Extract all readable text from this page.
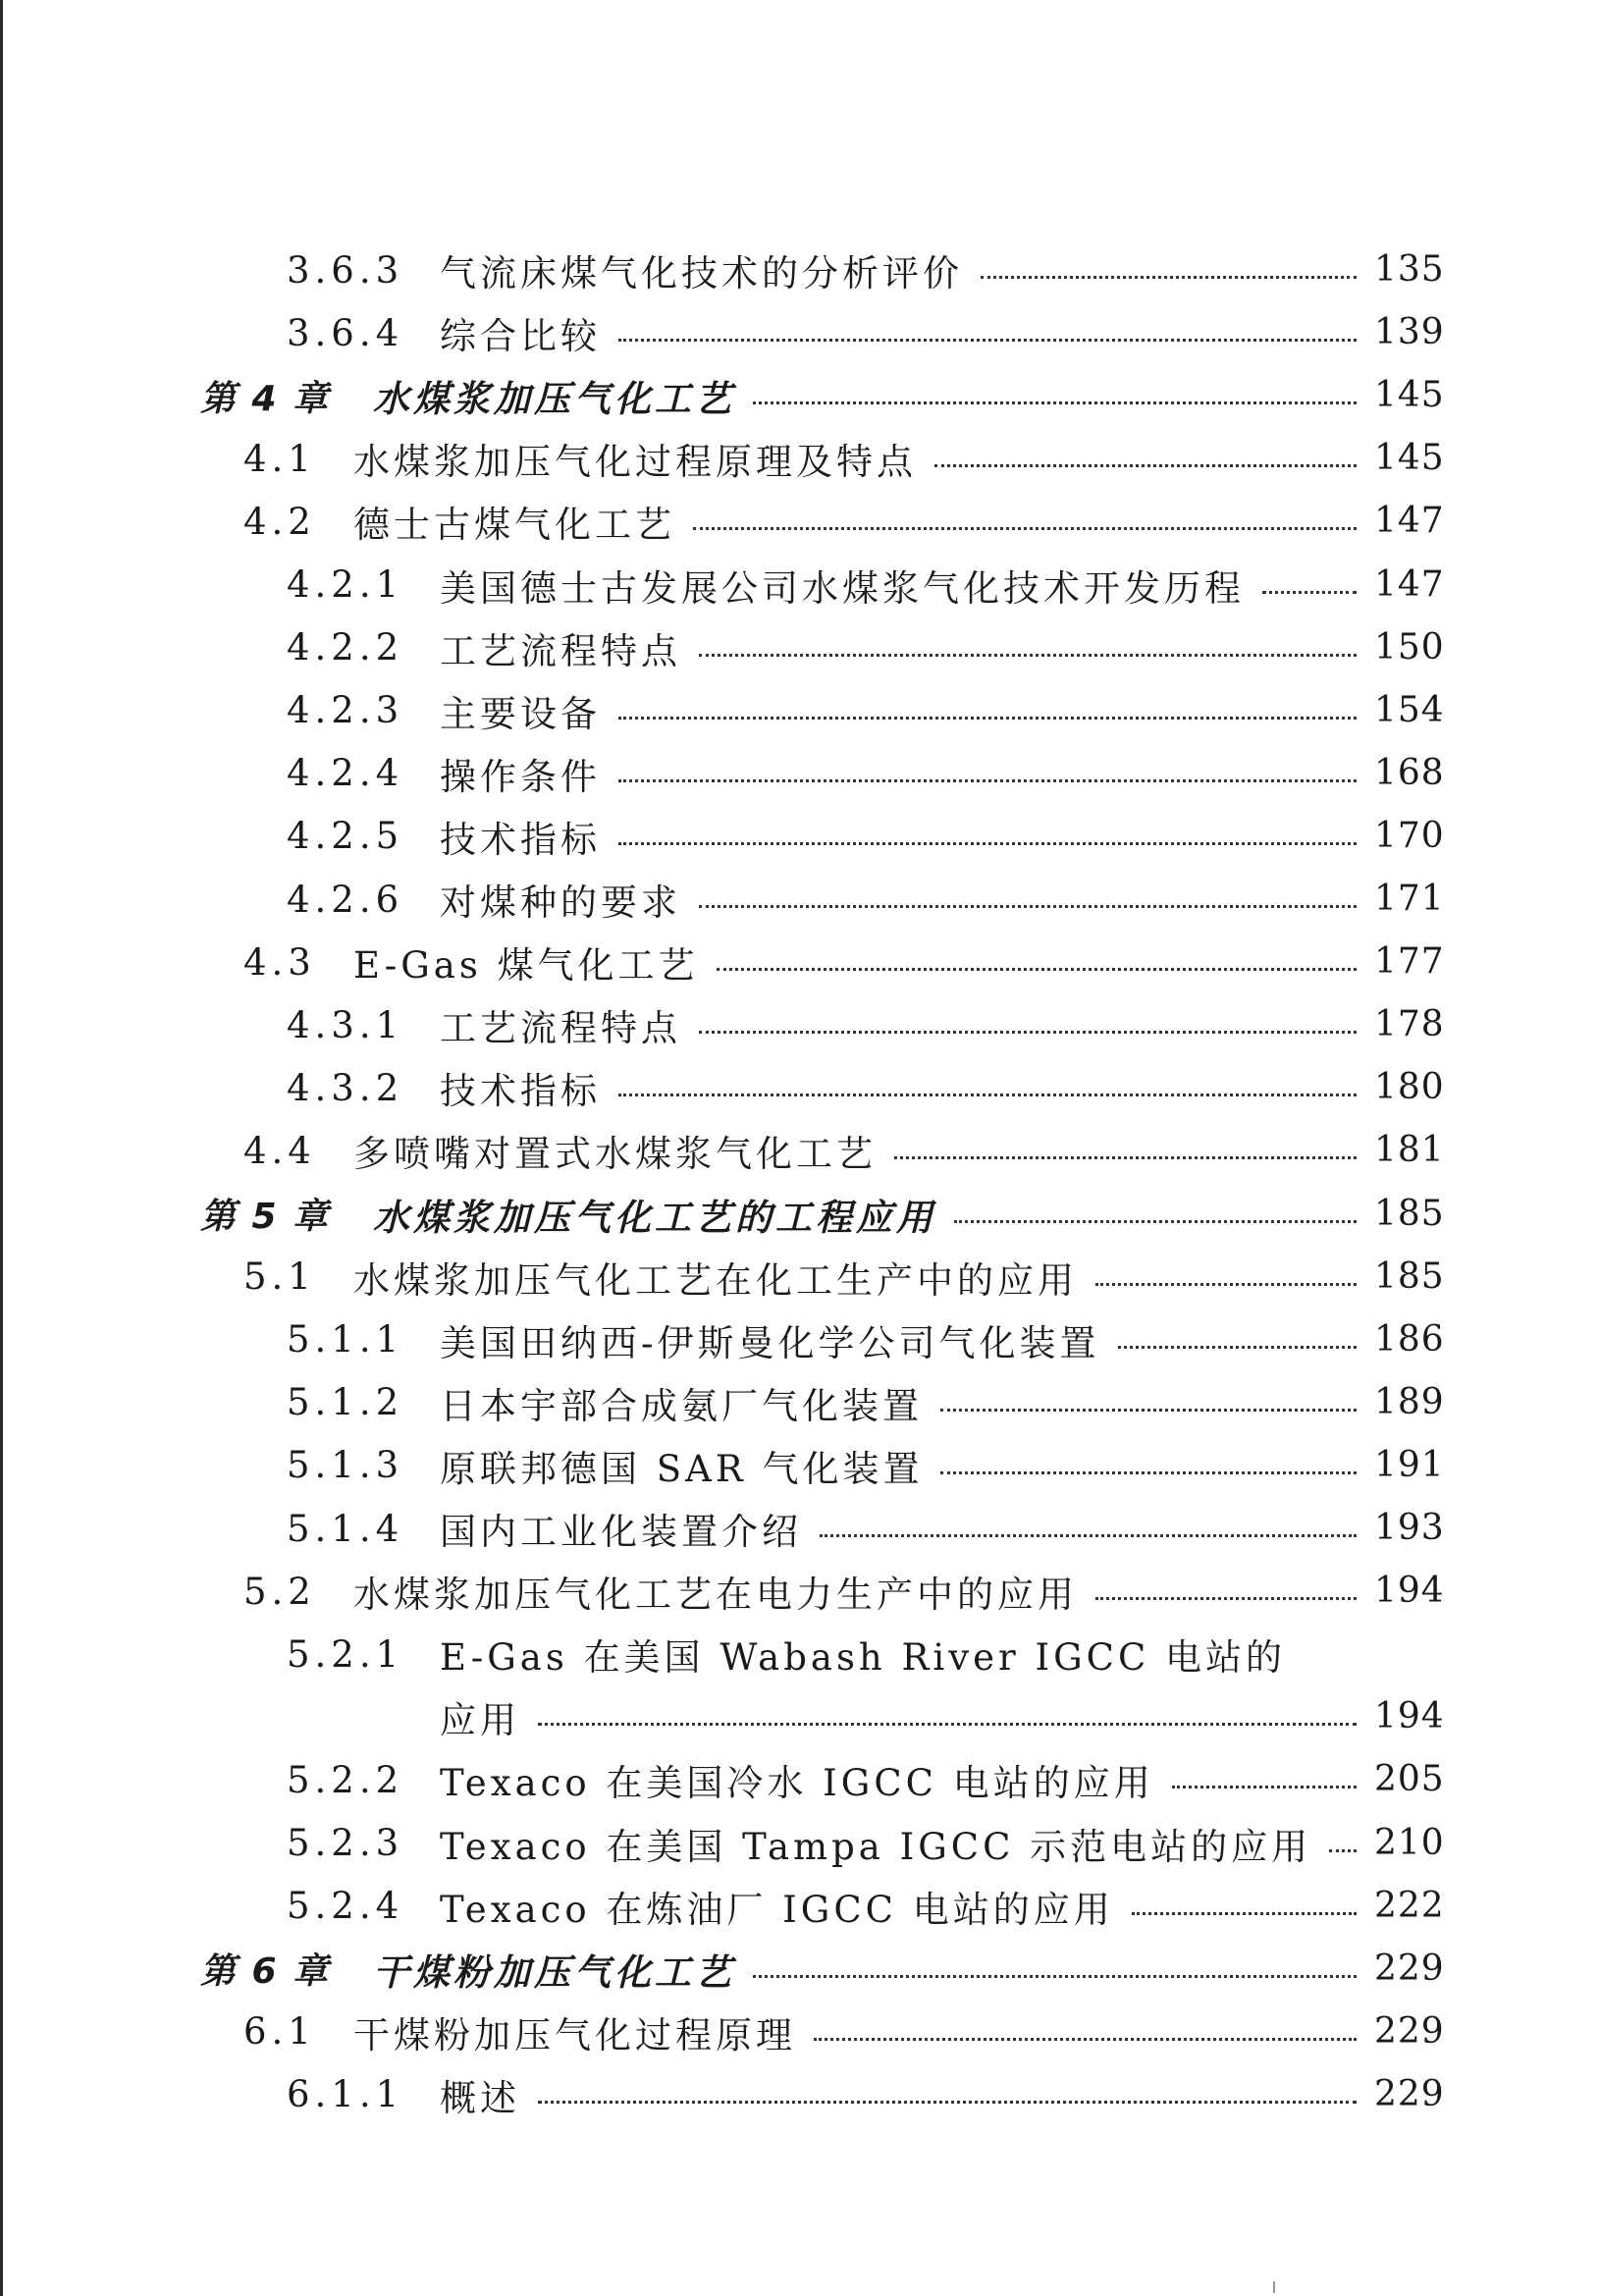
3.6.3 气流床煤气化技术的分析评价	135
3.6.4 综合比较	139
第 4 章	水煤浆加压气化工艺	145
4.1	水煤浆加压气化过程原理及特点	145
4.2	德士古煤气化工艺	147
4.2.1 美国德士古发展公司水煤浆气化技术开发历程	147
4.2.2 工艺流程特点	150
4.2.3 主要设备	154
4.2.4 操作条件	168
4.2.5 技术指标	170
4.2.6 对煤种的要求	171
4.3	E-Gas 煤气化工艺	177
4.3.1 工艺流程特点	178
4.3.2 技术指标	180
4.4	多喷嘴对置式水煤浆气化工艺	181
第 5 章	水煤浆加压气化工艺的工程应用	185
5.1	水煤浆加压气化工艺在化工生产中的应用	185
5.1.1 美国田纳西-伊斯曼化学公司气化装置	186
5.1.2 日本宇部合成氨厂气化装置	189
5.1.3 原联邦德国 SAR 气化装置	191
5.1.4 国内工业化装置介绍	193
5.2	水煤浆加压气化工艺在电力生产中的应用	194
5.2.1 E-Gas 在美国 Wabash River IGCC 电站的
应用	194
5.2.2 Texaco 在美国冷水 IGCC 电站的应用	205
5.2.3 Texaco 在美国 Tampa IGCC 示范电站的应用 210
5.2.4 Texaco 在炼油厂 IGCC 电站的应用	222
第 6 章	干煤粉加压气化工艺	229
6.1	干煤粉加压气化过程原理	229
6.1.1 概述	229
